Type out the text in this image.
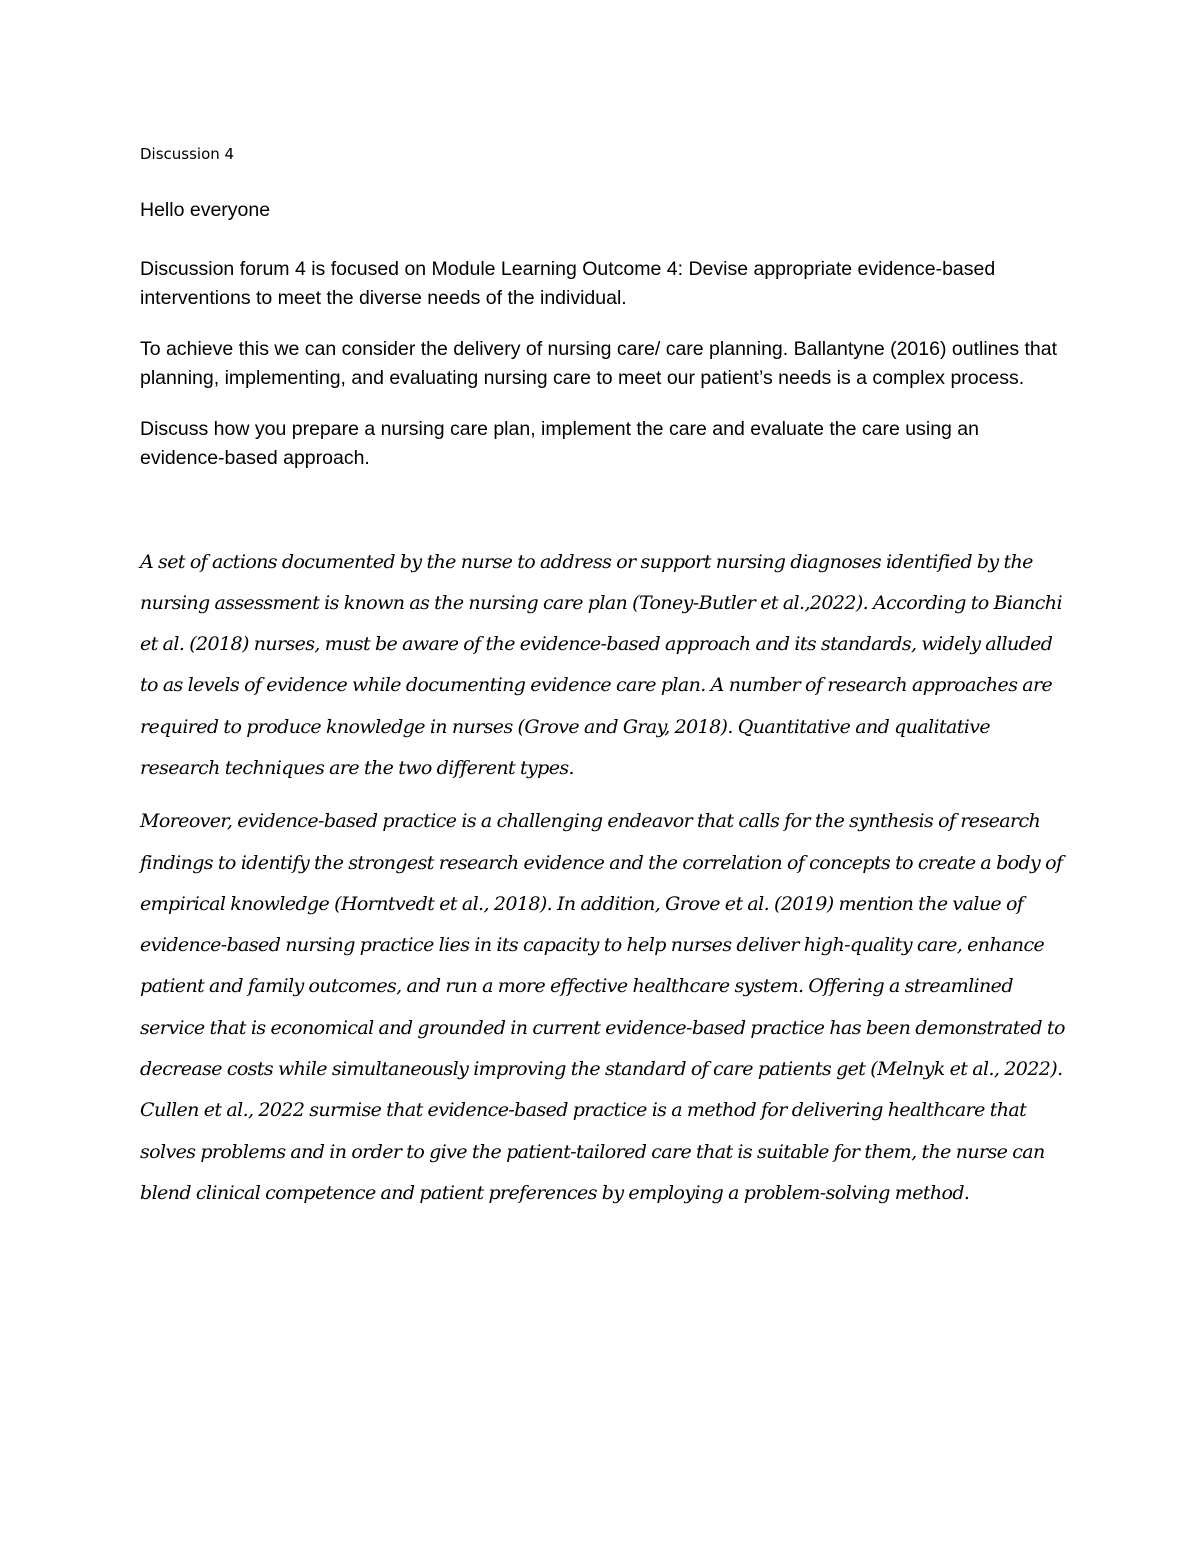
Discussion 4

Hello everyone

Discussion forum 4 is focused on Module Learning Outcome 4: Devise appropriate evidence-based interventions to meet the diverse needs of the individual.

To achieve this we can consider the delivery of nursing care/ care planning. Ballantyne (2016) outlines that planning, implementing, and evaluating nursing care to meet our patient’s needs is a complex process.

Discuss how you prepare a nursing care plan, implement the care and evaluate the care using an evidence-based approach.

A set of actions documented by the nurse to address or support nursing diagnoses identified by the nursing assessment is known as the nursing care plan (Toney-Butler et al.,2022). According to Bianchi et al. (2018) nurses, must be aware of the evidence-based approach and its standards, widely alluded to as levels of evidence while documenting evidence care plan. A number of research approaches are required to produce knowledge in nurses (Grove and Gray, 2018). Quantitative and qualitative research techniques are the two different types.

Moreover, evidence-based practice is a challenging endeavor that calls for the synthesis of research findings to identify the strongest research evidence and the correlation of concepts to create a body of empirical knowledge (Horntvedt et al., 2018). In addition, Grove et al. (2019) mention the value of evidence-based nursing practice lies in its capacity to help nurses deliver high-quality care, enhance patient and family outcomes, and run a more effective healthcare system. Offering a streamlined service that is economical and grounded in current evidence-based practice has been demonstrated to decrease costs while simultaneously improving the standard of care patients get (Melnyk et al., 2022). Cullen et al., 2022 surmise that evidence-based practice is a method for delivering healthcare that solves problems and in order to give the patient-tailored care that is suitable for them, the nurse can blend clinical competence and patient preferences by employing a problem-solving method.
